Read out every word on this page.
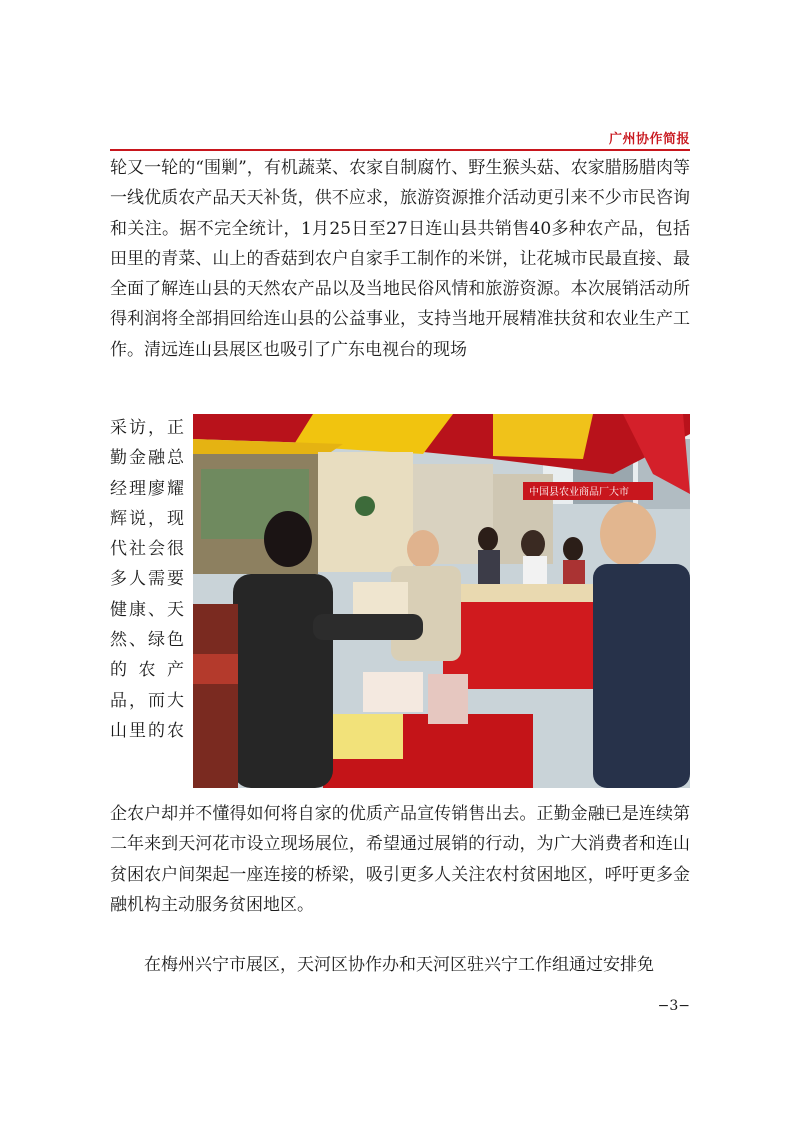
广州协作简报

轮又一轮的“围剿”，有机蔬菜、农家自制腐竹、野生猴头菇、农家腊肠腊肉等一线优质农产品天天补货，供不应求，旅游资源推介活动更引来不少市民咨询和关注。据不完全统计，1月25日至27日连山县共销售40多种农产品，包括田里的青菜、山上的香菇到农户自家手工制作的米饼，让花城市民最直接、最全面了解连山县的天然农产品以及当地民俗风情和旅游资源。本次展销活动所得利润将全部捐回给连山县的公益事业，支持当地开展精准扶贫和农业生产工作。清远连山县展区也吸引了广东电视台的现场

采访，正
勤金融总
经理廖耀
辉说，现
代社会很
多人需要
健康、天
然、绿色
的农产
品，而大
山里的农
中国县农业商品厂大市

企农户却并不懂得如何将自家的优质产品宣传销售出去。正勤金融已是连续第二年来到天河花市设立现场展位，希望通过展销的行动，为广大消费者和连山贫困农户间架起一座连接的桥梁，吸引更多人关注农村贫困地区，呼吁更多金融机构主动服务贫困地区。

在梅州兴宁市展区，天河区协作办和天河区驻兴宁工作组通过安排免

−3−
